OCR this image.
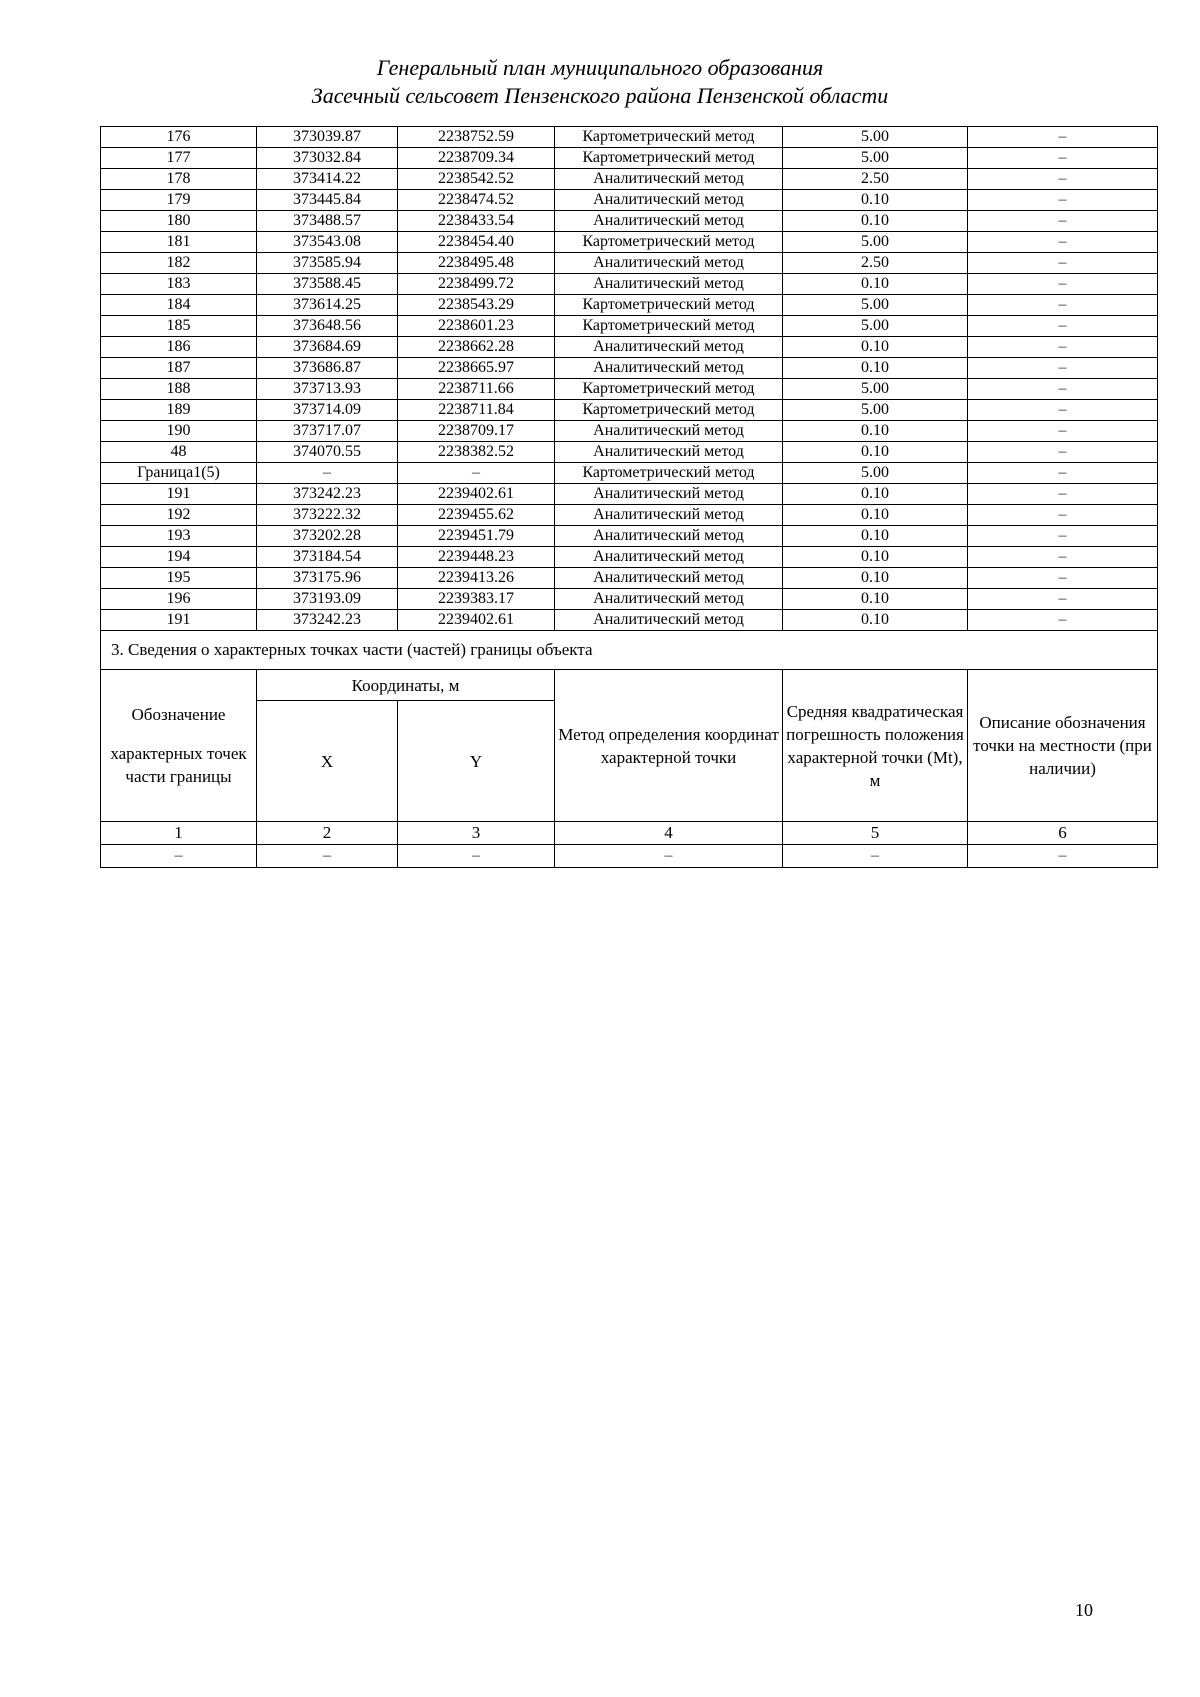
Генеральный план муниципального образования
Засечный сельсовет Пензенского района Пензенской области
176	373039.87	2238752.59	Картометрический метод	5.00	–
177	373032.84	2238709.34	Картометрический метод	5.00	–
178	373414.22	2238542.52	Аналитический метод	2.50	–
179	373445.84	2238474.52	Аналитический метод	0.10	–
180	373488.57	2238433.54	Аналитический метод	0.10	–
181	373543.08	2238454.40	Картометрический метод	5.00	–
182	373585.94	2238495.48	Аналитический метод	2.50	–
183	373588.45	2238499.72	Аналитический метод	0.10	–
184	373614.25	2238543.29	Картометрический метод	5.00	–
185	373648.56	2238601.23	Картометрический метод	5.00	–
186	373684.69	2238662.28	Аналитический метод	0.10	–
187	373686.87	2238665.97	Аналитический метод	0.10	–
188	373713.93	2238711.66	Картометрический метод	5.00	–
189	373714.09	2238711.84	Картометрический метод	5.00	–
190	373717.07	2238709.17	Аналитический метод	0.10	–
48	374070.55	2238382.52	Аналитический метод	0.10	–
Граница1(5)	–	–	Картометрический метод	5.00	–
191	373242.23	2239402.61	Аналитический метод	0.10	–
192	373222.32	2239455.62	Аналитический метод	0.10	–
193	373202.28	2239451.79	Аналитический метод	0.10	–
194	373184.54	2239448.23	Аналитический метод	0.10	–
195	373175.96	2239413.26	Аналитический метод	0.10	–
196	373193.09	2239383.17	Аналитический метод	0.10	–
191	373242.23	2239402.61	Аналитический метод	0.10	–
3. Сведения о характерных точках части (частей) границы объекта					

Обозначение
характерных точек части границы	Координаты, м		Метод определения координат характерной точки	Средняя квадратическая погрешность положения характерной точки (Mt), м	Описание обозначения точки на местности (при наличии)
	X	Y			
1	2	3	4	5	6
–	–	–	–	–	–
10
